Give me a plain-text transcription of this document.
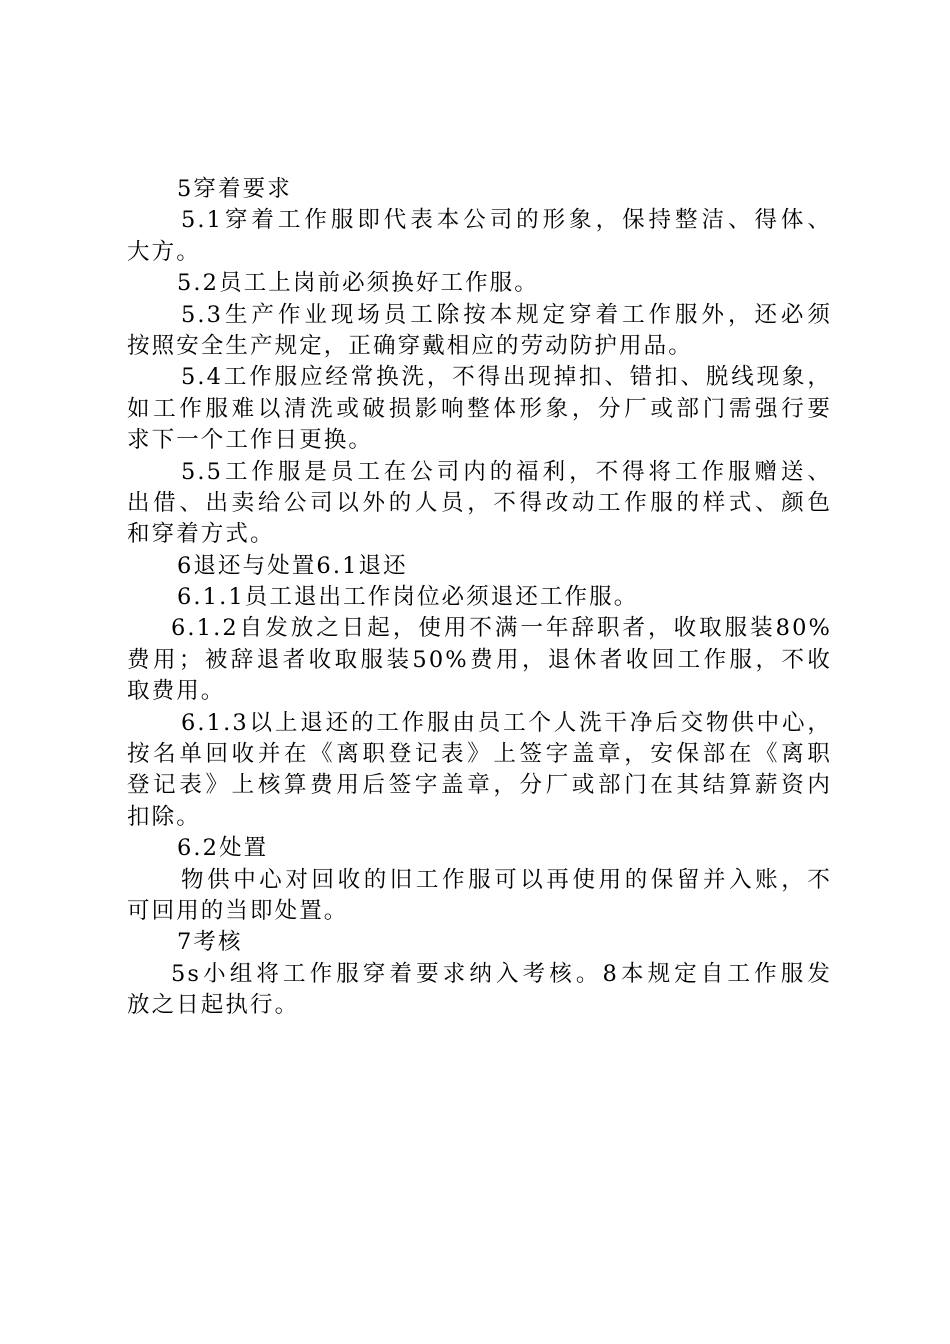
5穿着要求
5.1穿着工作服即代表本公司的形象，保持整洁、得体、
大方。
5.2员工上岗前必须换好工作服。
5.3生产作业现场员工除按本规定穿着工作服外，还必须
按照安全生产规定，正确穿戴相应的劳动防护用品。
5.4工作服应经常换洗，不得出现掉扣、错扣、脱线现象，
如工作服难以清洗或破损影响整体形象，分厂或部门需强行要
求下一个工作日更换。
5.5工作服是员工在公司内的福利，不得将工作服赠送、
出借、出卖给公司以外的人员，不得改动工作服的样式、颜色
和穿着方式。
6退还与处置6.1退还
6.1.1员工退出工作岗位必须退还工作服。
6.1.2自发放之日起，使用不满一年辞职者，收取服装80%
费用；被辞退者收取服装50%费用，退休者收回工作服，不收
取费用。
6.1.3以上退还的工作服由员工个人洗干净后交物供中心，
按名单回收并在《离职登记表》上签字盖章，安保部在《离职
登记表》上核算费用后签字盖章，分厂或部门在其结算薪资内
扣除。
6.2处置
物供中心对回收的旧工作服可以再使用的保留并入账，不
可回用的当即处置。
7考核
5s小组将工作服穿着要求纳入考核。8本规定自工作服发
放之日起执行。
